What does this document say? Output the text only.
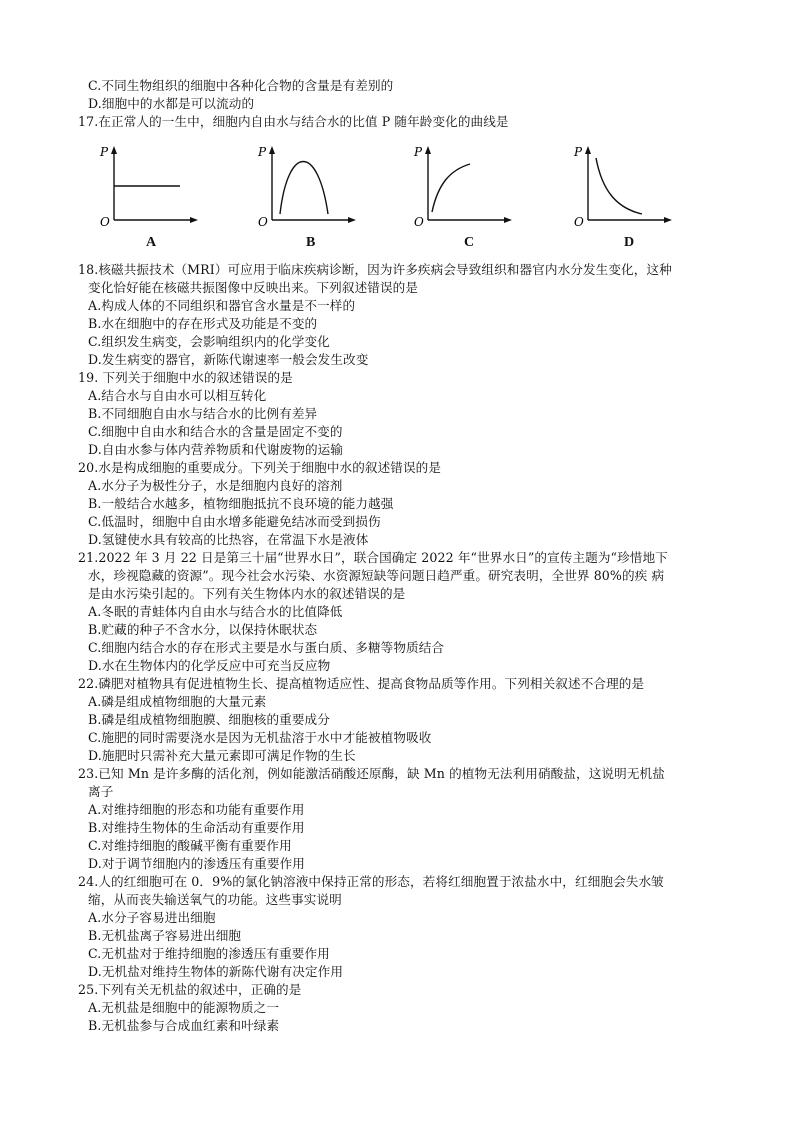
C.不同生物组织的细胞中各种化合物的含量是有差别的
D.细胞中的水都是可以流动的
17.在正常人的一生中，细胞内自由水与结合水的比值 P 随年龄变化的曲线是
18.核磁共振技术（MRI）可应用于临床疾病诊断，因为许多疾病会导致组织和器官内水分发生变化，这种
变化恰好能在核磁共振图像中反映出来。下列叙述错误的是
A.构成人体的不同组织和器官含水量是不一样的
B.水在细胞中的存在形式及功能是不变的
C.组织发生病变，会影响组织内的化学变化
D.发生病变的器官，新陈代谢速率一般会发生改变
19. 下列关于细胞中水的叙述错误的是
A.结合水与自由水可以相互转化
B.不同细胞自由水与结合水的比例有差异
C.细胞中自由水和结合水的含量是固定不变的
D.自由水参与体内营养物质和代谢废物的运输
20.水是构成细胞的重要成分。下列关于细胞中水的叙述错误的是
A.水分子为极性分子，水是细胞内良好的溶剂
B.一般结合水越多，植物细胞抵抗不良环境的能力越强
C.低温时，细胞中自由水增多能避免结冰而受到损伤
D.氢键使水具有较高的比热容，在常温下水是液体
21.2022 年 3 月 22 日是第三十届“世界水日”，联合国确定 2022 年“世界水日”的宣传主题为“珍惜地下
水，珍视隐藏的资源”。现今社会水污染、水资源短缺等问题日趋严重。研究表明，全世界 80%的疾 病
是由水污染引起的。下列有关生物体内水的叙述错误的是
A.冬眠的青蛙体内自由水与结合水的比值降低
B.贮藏的种子不含水分，以保持休眠状态
C.细胞内结合水的存在形式主要是水与蛋白质、多糖等物质结合
D.水在生物体内的化学反应中可充当反应物
22.磷肥对植物具有促进植物生长、提高植物适应性、提高食物品质等作用。下列相关叙述不合理的是
A.磷是组成植物细胞的大量元素
B.磷是组成植物细胞膜、细胞核的重要成分
C.施肥的同时需要浇水是因为无机盐溶于水中才能被植物吸收
D.施肥时只需补充大量元素即可满足作物的生长
23.已知 Mn 是许多酶的活化剂，例如能激活硝酸还原酶，缺 Mn 的植物无法利用硝酸盐，这说明无机盐
离子
A.对维持细胞的形态和功能有重要作用
B.对维持生物体的生命活动有重要作用
C.对维持细胞的酸碱平衡有重要作用
D.对于调节细胞内的渗透压有重要作用
24.人的红细胞可在 0．9%的氯化钠溶液中保持正常的形态，若将红细胞置于浓盐水中，红细胞会失水皱
缩，从而丧失输送氧气的功能。这些事实说明
A.水分子容易进出细胞
B.无机盐离子容易进出细胞
C.无机盐对于维持细胞的渗透压有重要作用
D.无机盐对维持生物体的新陈代谢有决定作用
25.下列有关无机盐的叙述中，正确的是
A.无机盐是细胞中的能源物质之一
B.无机盐参与合成血红素和叶绿素
P
O
A
P
O
B
P
O
C
P
O
D
